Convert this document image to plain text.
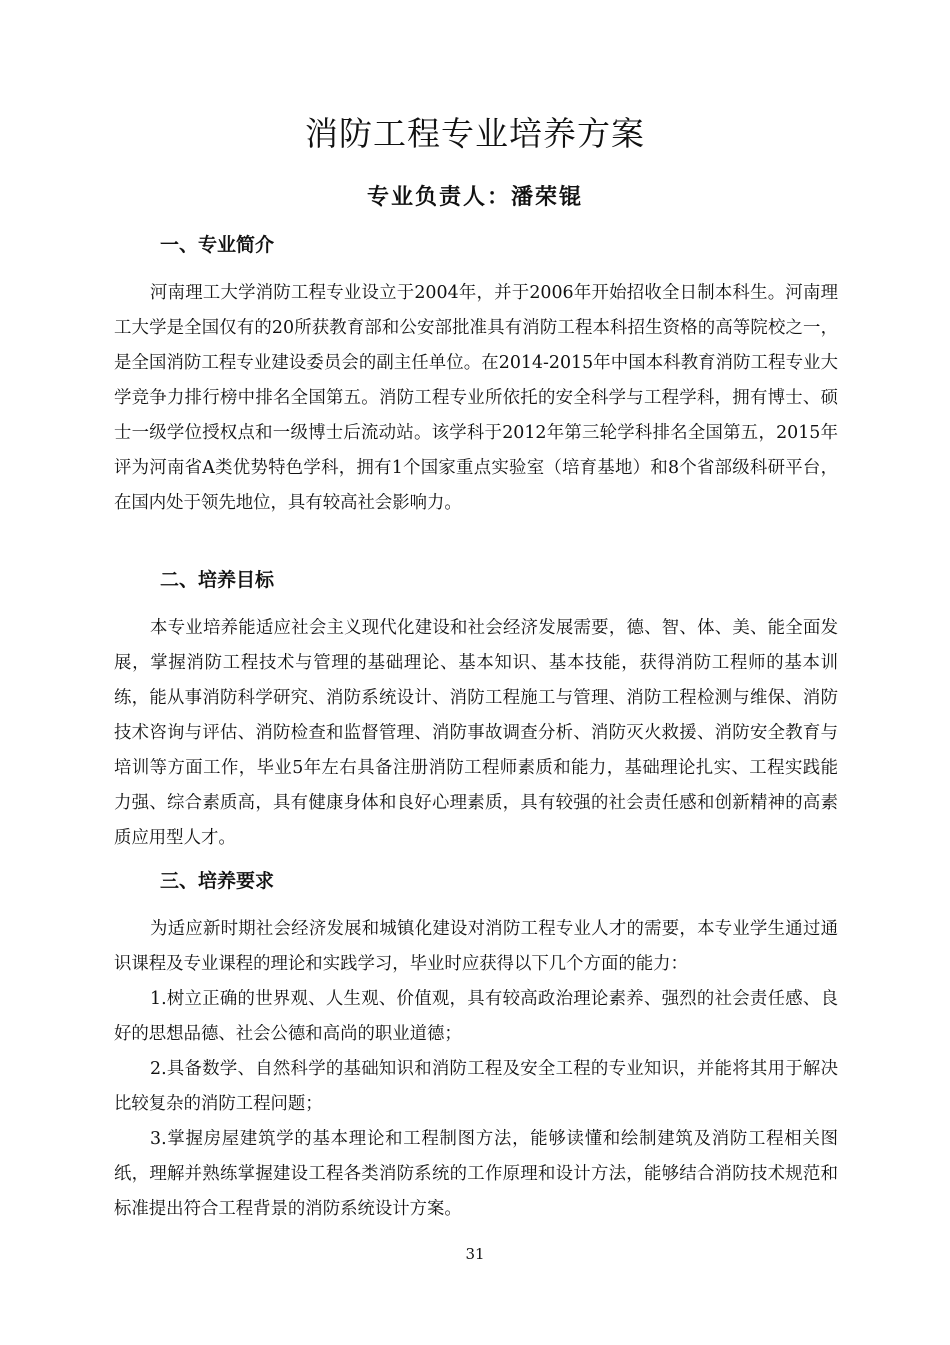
消防工程专业培养方案
专业负责人：潘荣锟
一、专业简介

河南理工大学消防工程专业设立于2004年，并于2006年开始招收全日制本科生。河南理工大学是全国仅有的20所获教育部和公安部批准具有消防工程本科招生资格的高等院校之一，是全国消防工程专业建设委员会的副主任单位。在2014-2015年中国本科教育消防工程专业大学竞争力排行榜中排名全国第五。消防工程专业所依托的安全科学与工程学科，拥有博士、硕士一级学位授权点和一级博士后流动站。该学科于2012年第三轮学科排名全国第五，2015年评为河南省A类优势特色学科，拥有1个国家重点实验室（培育基地）和8个省部级科研平台，在国内处于领先地位，具有较高社会影响力。

二、培养目标

本专业培养能适应社会主义现代化建设和社会经济发展需要，德、智、体、美、能全面发展，掌握消防工程技术与管理的基础理论、基本知识、基本技能，获得消防工程师的基本训练，能从事消防科学研究、消防系统设计、消防工程施工与管理、消防工程检测与维保、消防技术咨询与评估、消防检查和监督管理、消防事故调查分析、消防灭火救援、消防安全教育与培训等方面工作，毕业5年左右具备注册消防工程师素质和能力，基础理论扎实、工程实践能力强、综合素质高，具有健康身体和良好心理素质，具有较强的社会责任感和创新精神的高素质应用型人才。

三、培养要求

为适应新时期社会经济发展和城镇化建设对消防工程专业人才的需要，本专业学生通过通识课程及专业课程的理论和实践学习，毕业时应获得以下几个方面的能力：

1.树立正确的世界观、人生观、价值观，具有较高政治理论素养、强烈的社会责任感、良好的思想品德、社会公德和高尚的职业道德；

2.具备数学、自然科学的基础知识和消防工程及安全工程的专业知识，并能将其用于解决比较复杂的消防工程问题；

3.掌握房屋建筑学的基本理论和工程制图方法，能够读懂和绘制建筑及消防工程相关图纸，理解并熟练掌握建设工程各类消防系统的工作原理和设计方法，能够结合消防技术规范和标准提出符合工程背景的消防系统设计方案。

31
